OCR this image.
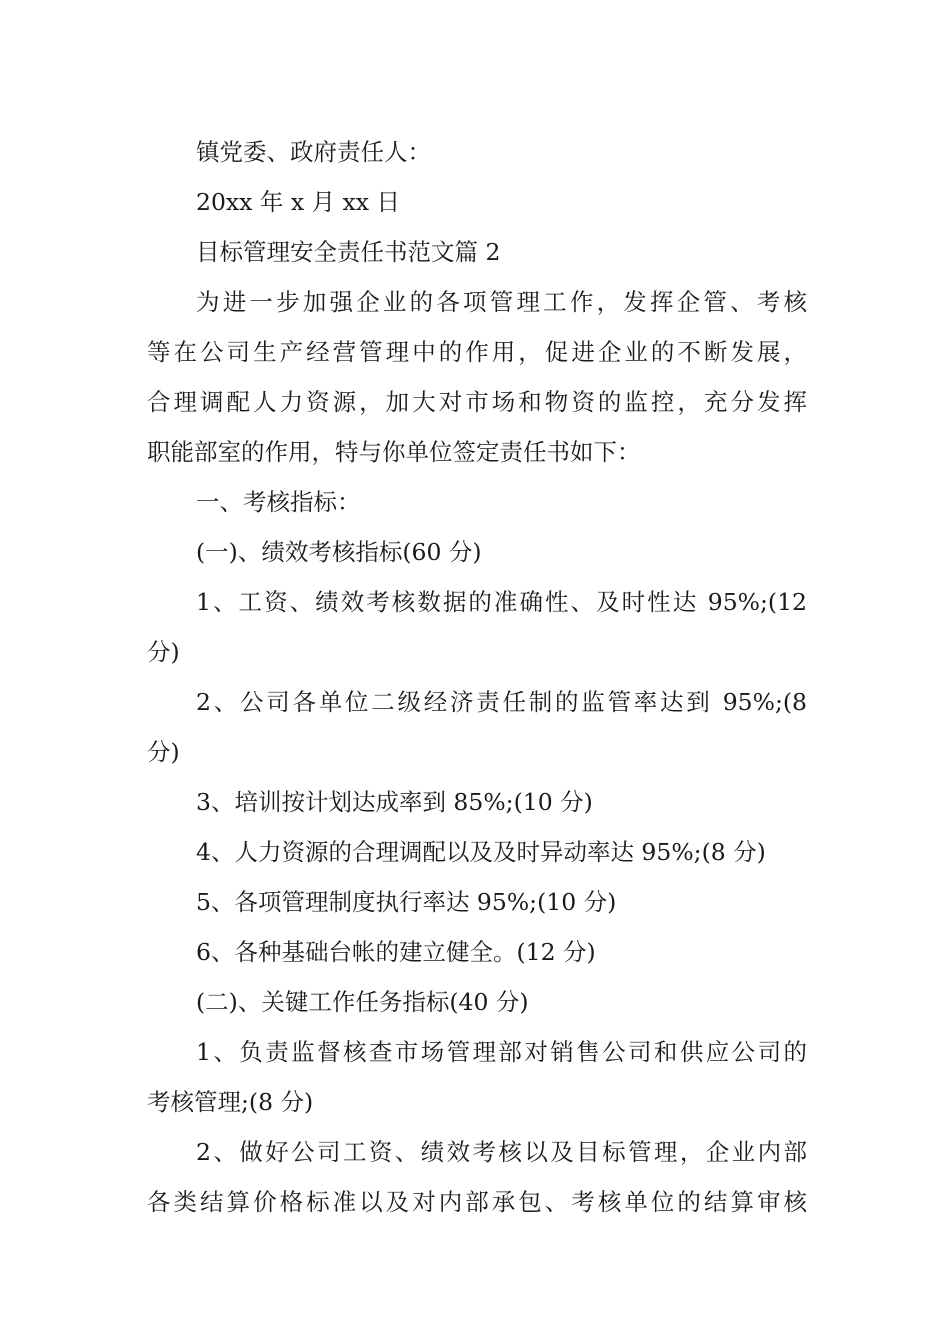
镇党委、政府责任人：
20xx 年 x 月 xx 日
目标管理安全责任书范文篇 2
为进一步加强企业的各项管理工作，发挥企管、考核
等在公司生产经营管理中的作用，促进企业的不断发展，
合理调配人力资源，加大对市场和物资的监控，充分发挥
职能部室的作用，特与你单位签定责任书如下：
一、考核指标：
(一)、绩效考核指标(60 分)
1、工资、绩效考核数据的准确性、及时性达 95%;(12
分)
2、公司各单位二级经济责任制的监管率达到 95%;(8
分)
3、培训按计划达成率到 85%;(10 分)
4、人力资源的合理调配以及及时异动率达 95%;(8 分)
5、各项管理制度执行率达 95%;(10 分)
6、各种基础台帐的建立健全。(12 分)
(二)、关键工作任务指标(40 分)
1、负责监督核查市场管理部对销售公司和供应公司的
考核管理;(8 分)
2、做好公司工资、绩效考核以及目标管理，企业内部
各类结算价格标准以及对内部承包、考核单位的结算审核
